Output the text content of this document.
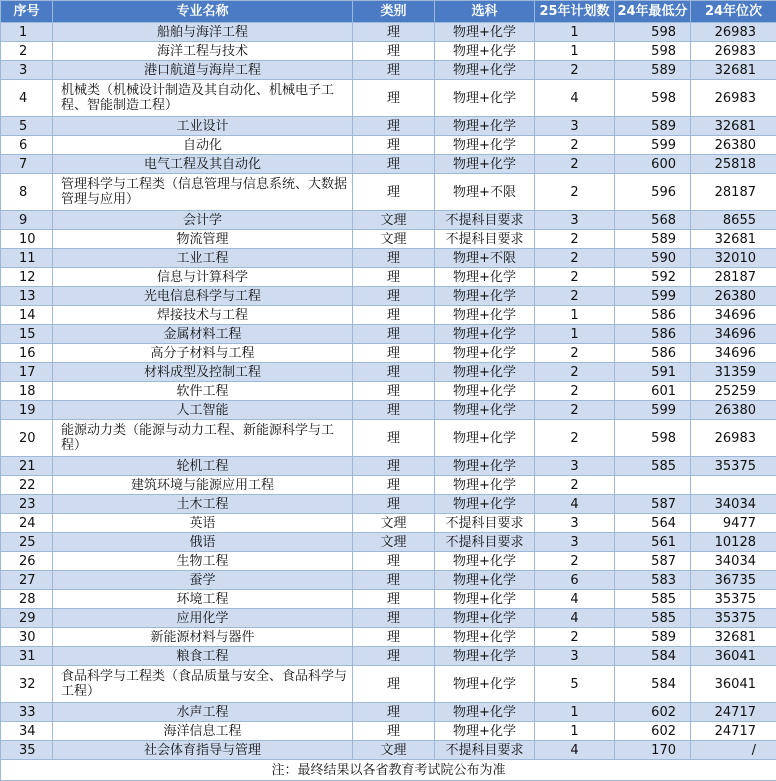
序号	专业名称	类别	选科	25年计划数	24年最低分	24年位次
1	船舶与海洋工程	理	物理+化学	1	598	26983
2	海洋工程与技术	理	物理+化学	1	598	26983
3	港口航道与海岸工程	理	物理+化学	2	589	32681
4	机械类（机械设计制造及其自动化、机械电子工程、智能制造工程）	理	物理+化学	4	598	26983
5	工业设计	理	物理+化学	3	589	32681
6	自动化	理	物理+化学	2	599	26380
7	电气工程及其自动化	理	物理+化学	2	600	25818
8	管理科学与工程类（信息管理与信息系统、大数据管理与应用）	理	物理+不限	2	596	28187
9	会计学	文理	不提科目要求	3	568	8655
10	物流管理	文理	不提科目要求	2	589	32681
11	工业工程	理	物理+不限	2	590	32010
12	信息与计算科学	理	物理+化学	2	592	28187
13	光电信息科学与工程	理	物理+化学	2	599	26380
14	焊接技术与工程	理	物理+化学	1	586	34696
15	金属材料工程	理	物理+化学	1	586	34696
16	高分子材料与工程	理	物理+化学	2	586	34696
17	材料成型及控制工程	理	物理+化学	2	591	31359
18	软件工程	理	物理+化学	2	601	25259
19	人工智能	理	物理+化学	2	599	26380
20	能源动力类（能源与动力工程、新能源科学与工程）	理	物理+化学	2	598	26983
21	轮机工程	理	物理+化学	3	585	35375
22	建筑环境与能源应用工程	理	物理+化学	2		
23	土木工程	理	物理+化学	4	587	34034
24	英语	文理	不提科目要求	3	564	9477
25	俄语	文理	不提科目要求	3	561	10128
26	生物工程	理	物理+化学	2	587	34034
27	蚕学	理	物理+化学	6	583	36735
28	环境工程	理	物理+化学	4	585	35375
29	应用化学	理	物理+化学	4	585	35375
30	新能源材料与器件	理	物理+化学	2	589	32681
31	粮食工程	理	物理+化学	3	584	36041
32	食品科学与工程类（食品质量与安全、食品科学与工程）	理	物理+化学	5	584	36041
33	水声工程	理	物理+化学	1	602	24717
34	海洋信息工程	理	物理+化学	1	602	24717
35	社会体育指导与管理	文理	不提科目要求	4	170	/
注：最终结果以各省教育考试院公布为准						
